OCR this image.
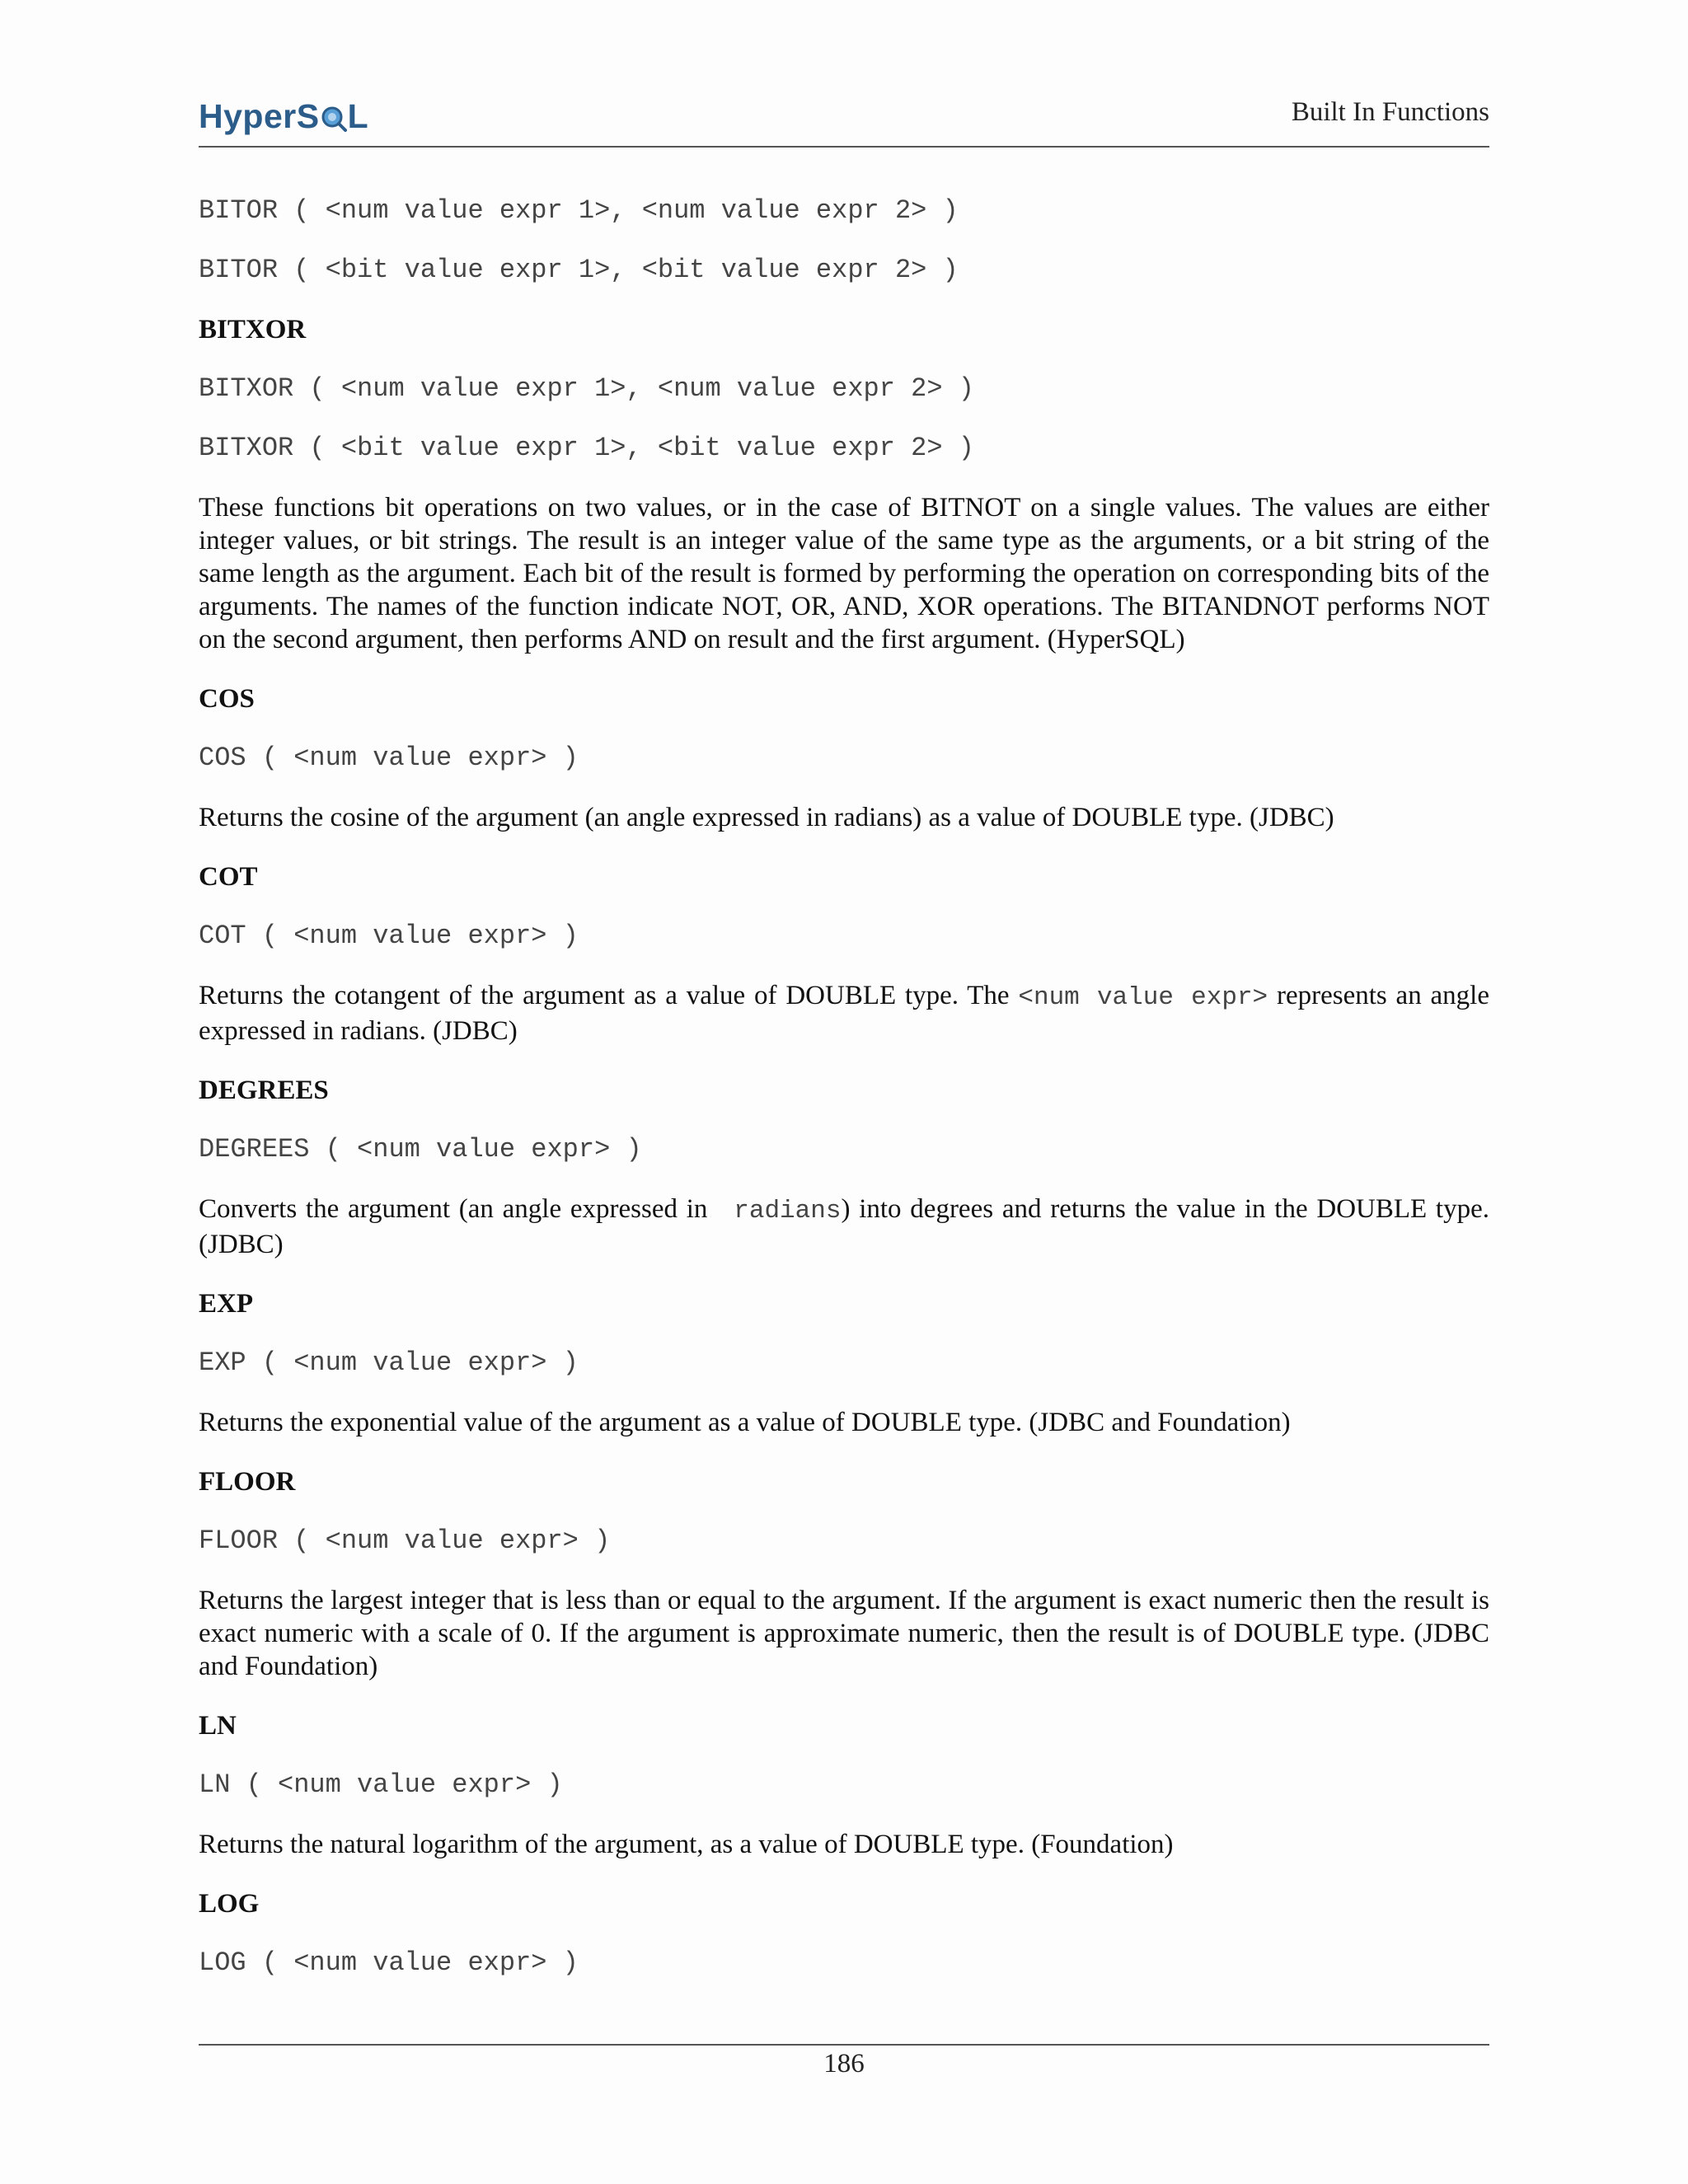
HyperS L	Built In Functions
BITOR ( <num value expr 1>, <num value expr 2> )
BITOR ( <bit value expr 1>, <bit value expr 2> )
BITXOR
BITXOR ( <num value expr 1>, <num value expr 2> )
BITXOR ( <bit value expr 1>, <bit value expr 2> )
These functions bit operations on two values, or in the case of BITNOT on a single values. The values are either integer values, or bit strings. The result is an integer value of the same type as the arguments, or a bit string of the same length as the argument. Each bit of the result is formed by performing the operation on corresponding bits of the arguments. The names of the function indicate NOT, OR, AND, XOR operations. The BITANDNOT performs NOT on the second argument, then performs AND on result and the first argument. (HyperSQL)
COS
COS ( <num value expr> )
Returns the cosine of the argument (an angle expressed in radians) as a value of DOUBLE type. (JDBC)
COT
COT ( <num value expr> )
Returns the cotangent of the argument as a value of DOUBLE type. The <num value expr> represents an angle expressed in radians. (JDBC)
DEGREES
DEGREES ( <num value expr> )
Converts the argument (an angle expressed in  radians) into degrees and returns the value in the DOUBLE type. (JDBC)
EXP
EXP ( <num value expr> )
Returns the exponential value of the argument as a value of DOUBLE type. (JDBC and Foundation)
FLOOR
FLOOR ( <num value expr> )
Returns the largest integer that is less than or equal to the argument. If the argument is exact numeric then the result is exact numeric with a scale of 0. If the argument is approximate numeric, then the result is of DOUBLE type. (JDBC and Foundation)
LN
LN ( <num value expr> )
Returns the natural logarithm of the argument, as a value of DOUBLE type. (Foundation)
LOG
LOG ( <num value expr> )
186
